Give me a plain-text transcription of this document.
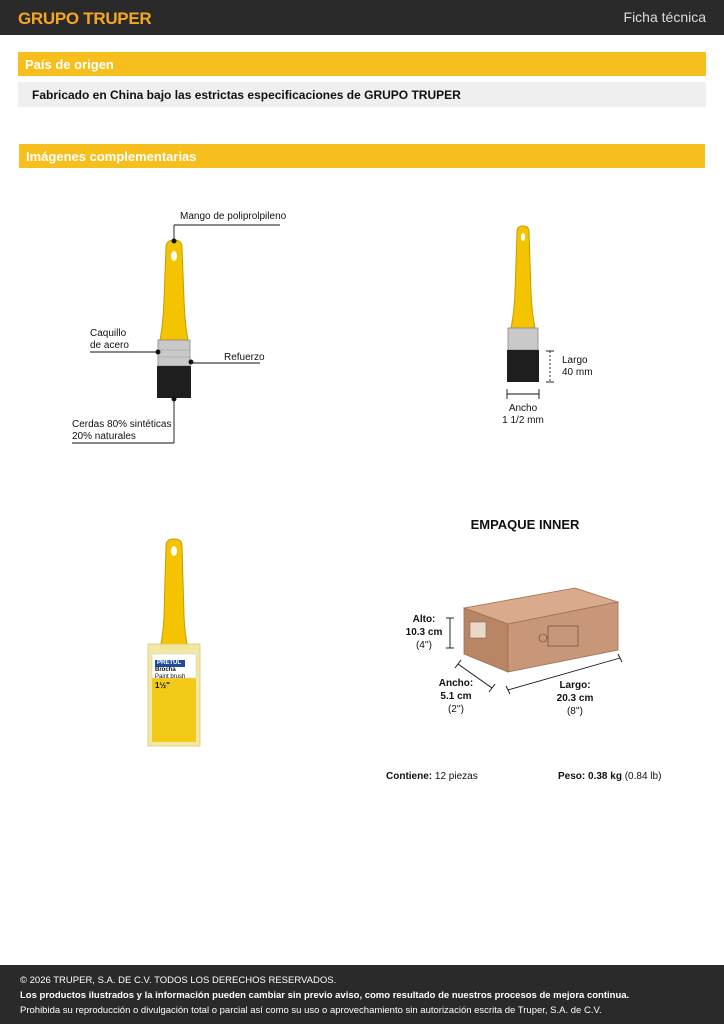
GRUPO TRUPER	Ficha técnica
País de origen
Fabricado en China bajo las estrictas especificaciones de GRUPO TRUPER
Imágenes complementarias
Mango de poliprolpileno
Caquillo
de acero
Refuerzo
Cerdas 80% sintéticas
20% naturales
Largo
40 mm
Ancho
1 1/2 mm
PRETUL
Brocha
Paint brush
1½"
EMPAQUE INNER
Alto:
10.3 cm
(4'')
Ancho:
5.1 cm
(2'')
Largo:
20.3 cm
(8'')
Contiene: 12 piezas	Peso: 0.38 kg (0.84 lb)
© 2026 TRUPER, S.A. DE C.V. TODOS LOS DERECHOS RESERVADOS.
Los productos ilustrados y la información pueden cambiar sin previo aviso, como resultado de nuestros procesos de mejora continua.
Prohibida su reproducción o divulgación total o parcial así como su uso o aprovechamiento sin autorización escrita de Truper, S.A. de C.V.
